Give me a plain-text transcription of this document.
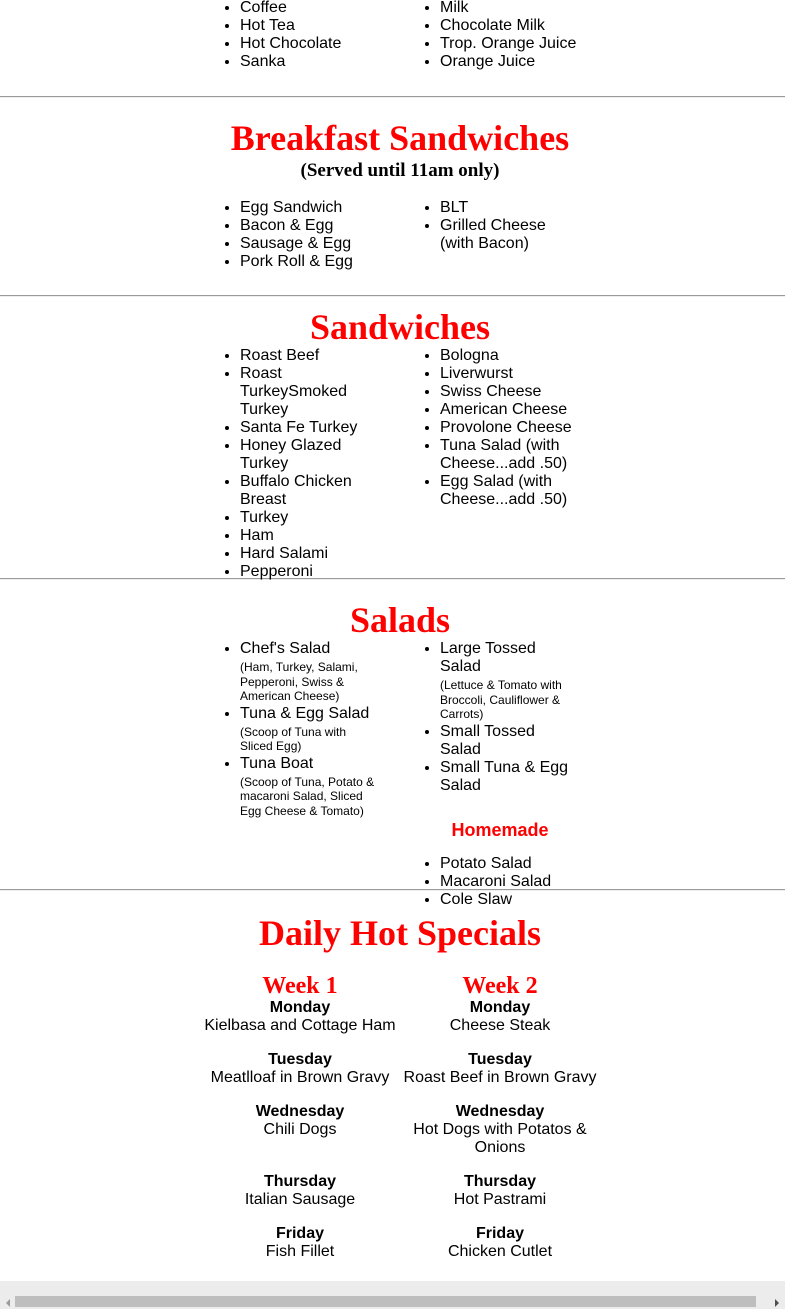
• Coffee
• Hot Tea
• Hot Chocolate
• Sanka
• Milk
• Chocolate Milk
• Trop. Orange Juice
• Orange Juice
Breakfast Sandwiches
(Served until 11am only)
• Egg Sandwich
• Bacon & Egg
• Sausage & Egg
• Pork Roll & Egg
• BLT
• Grilled Cheese (with Bacon)
Sandwiches
• Roast Beef
• Roast TurkeySmoked Turkey
• Santa Fe Turkey
• Honey Glazed Turkey
• Buffalo Chicken Breast
• Turkey
• Ham
• Hard Salami
• Pepperoni
• Bologna
• Liverwurst
• Swiss Cheese
• American Cheese
• Provolone Cheese
• Tuna Salad (with Cheese...add .50)
• Egg Salad (with Cheese...add .50)
Salads
• Chef's Salad
(Ham, Turkey, Salami, Pepperoni, Swiss & American Cheese)
• Tuna & Egg Salad
(Scoop of Tuna with Sliced Egg)
• Tuna Boat
(Scoop of Tuna, Potato & macaroni Salad, Sliced Egg Cheese & Tomato)
• Large Tossed Salad
(Lettuce & Tomato with Broccoli, Cauliflower & Carrots)
• Small Tossed Salad
• Small Tuna & Egg Salad
Homemade
• Potato Salad
• Macaroni Salad
• Cole Slaw
Daily Hot Specials
Week 1
Monday
Kielbasa and Cottage Ham
Tuesday
Meatlloaf in Brown Gravy
Wednesday
Chili Dogs
Thursday
Italian Sausage
Friday
Fish Fillet
Week 2
Monday
Cheese Steak
Tuesday
Roast Beef in Brown Gravy
Wednesday
Hot Dogs with Potatos & Onions
Thursday
Hot Pastrami
Friday
Chicken Cutlet
